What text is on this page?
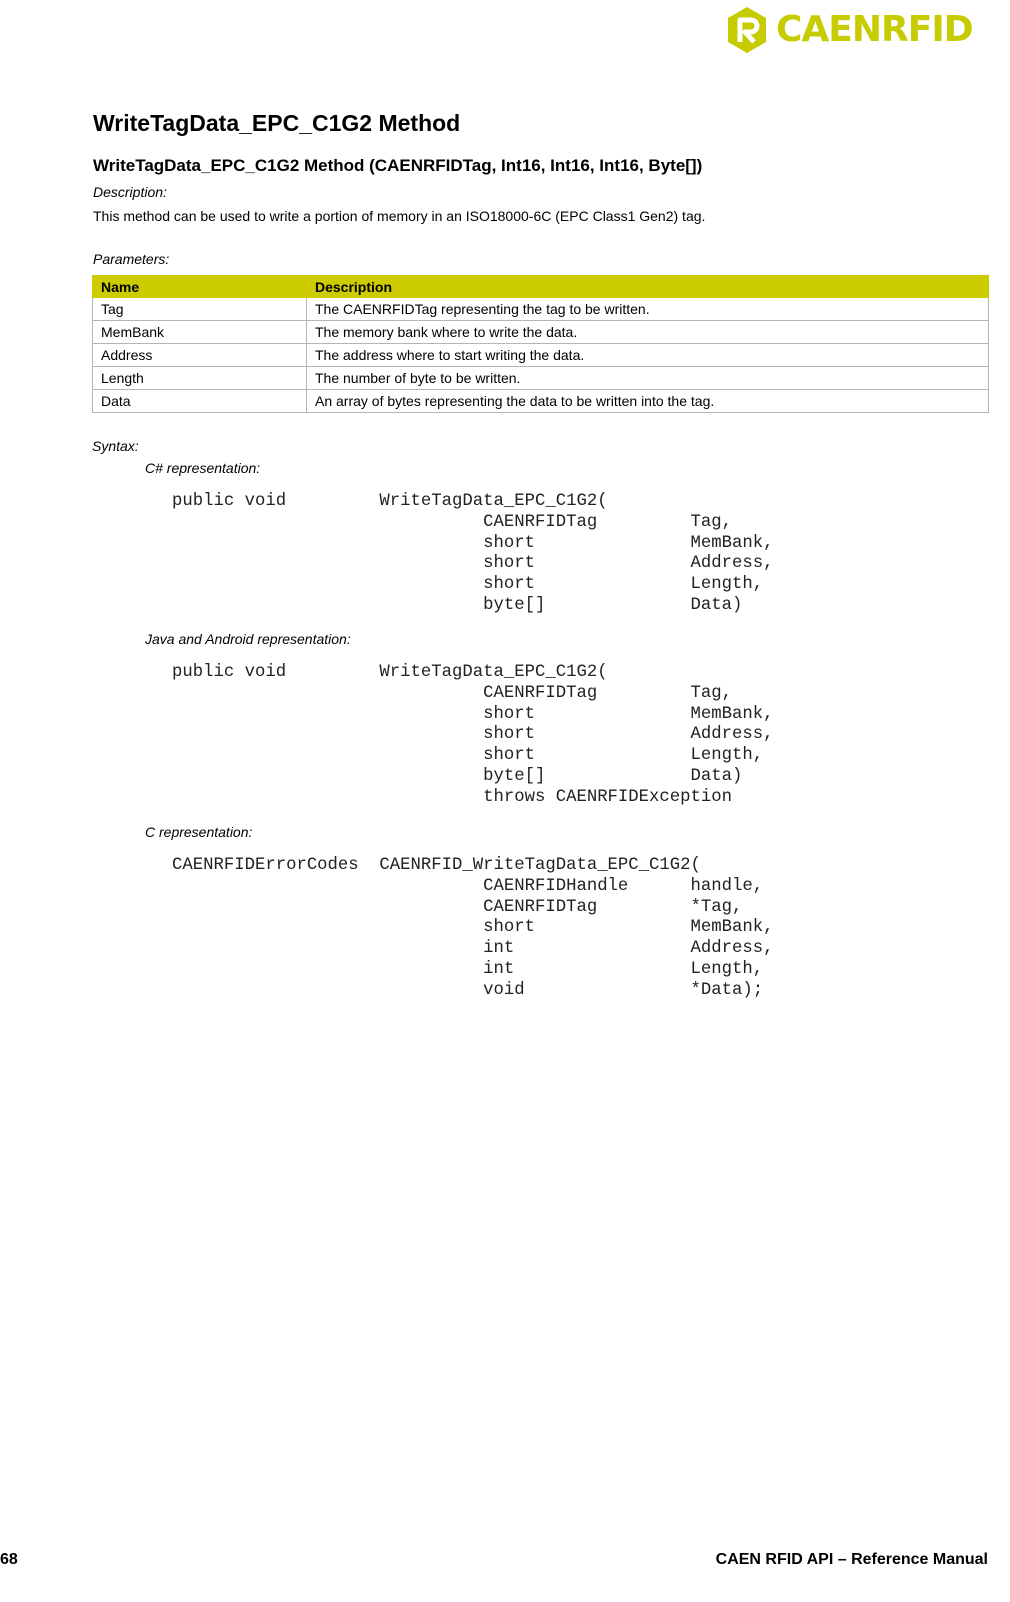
CAENRFID
WriteTagData_EPC_C1G2 Method
WriteTagData_EPC_C1G2 Method (CAENRFIDTag, Int16, Int16, Int16, Byte[])
Description:
This method can be used to write a portion of memory in an ISO18000-6C (EPC Class1 Gen2) tag.
Parameters:
Name	Description
Tag	The CAENRFIDTag representing the tag to be written.
MemBank	The memory bank where to write the data.
Address	The address where to start writing the data.
Length	The number of byte to be written.
Data	An array of bytes representing the data to be written into the tag.
Syntax:
C# representation:
public void         WriteTagData_EPC_C1G2(
CAENRFIDTag         Tag,
short               MemBank,
short               Address,
short               Length,
byte[]              Data)
Java and Android representation:
public void         WriteTagData_EPC_C1G2(
CAENRFIDTag         Tag,
short               MemBank,
short               Address,
short               Length,
byte[]              Data)
throws CAENRFIDException
C representation:
CAENRFIDErrorCodes  CAENRFID_WriteTagData_EPC_C1G2(
CAENRFIDHandle      handle,
CAENRFIDTag         *Tag,
short               MemBank,
int                 Address,
int                 Length,
void                *Data);
68	CAEN RFID API – Reference Manual
